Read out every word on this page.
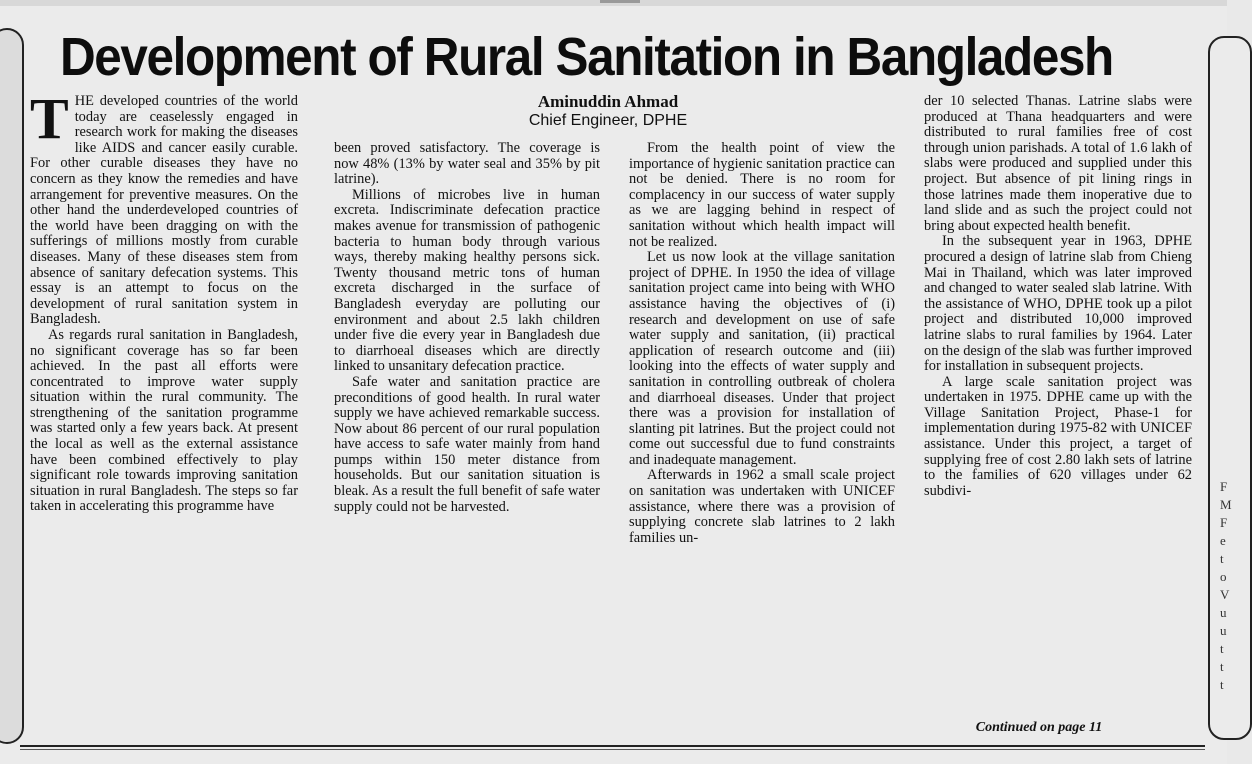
F
M
F
e
t
o
V
u
u
t
t
t
Development of Rural Sanitation in Bangladesh
Aminuddin Ahmad
Chief Engineer, DPHE

THE developed countries of the world today are ceaselessly engaged in research work for making the diseases like AIDS and cancer easily curable. For other curable diseases they have no concern as they know the remedies and have arrangement for preventive measures. On the other hand the underdeveloped countries of the world have been dragging on with the sufferings of millions mostly from curable diseases. Many of these diseases stem from absence of sanitary defecation systems. This essay is an attempt to focus on the development of rural sanitation system in Bangladesh.

As regards rural sanitation in Bangladesh, no significant coverage has so far been achieved. In the past all efforts were concentrated to improve water supply situation within the rural community. The strengthening of the sanitation programme was started only a few years back. At present the local as well as the external assistance have been combined effectively to play significant role towards improving sanitation situation in rural Bangladesh. The steps so far taken in accelerating this programme have

been proved satisfactory. The coverage is now 48% (13% by water seal and 35% by pit latrine).

Millions of microbes live in human excreta. Indiscriminate defecation practice makes avenue for transmission of pathogenic bacteria to human body through various ways, thereby making healthy persons sick. Twenty thousand metric tons of human excreta discharged in the surface of Bangladesh everyday are polluting our environment and about 2.5 lakh children under five die every year in Bangladesh due to diarrhoeal diseases which are directly linked to unsanitary defecation practice.

Safe water and sanitation practice are preconditions of good health. In rural water supply we have achieved remarkable success. Now about 86 percent of our rural population have access to safe water mainly from hand pumps within 150 meter distance from households. But our sanitation situation is bleak. As a result the full benefit of safe water supply could not be harvested.

From the health point of view the importance of hygienic sanitation practice can not be denied. There is no room for complacency in our success of water supply as we are lagging behind in respect of sanitation without which health impact will not be realized.

Let us now look at the village sanitation project of DPHE. In 1950 the idea of village sanitation project came into being with WHO assistance having the objectives of (i) research and development on use of safe water supply and sanitation, (ii) practical application of research outcome and (iii) looking into the effects of water supply and sanitation in controlling outbreak of cholera and diarrhoeal diseases. Under that project there was a provision for installation of slanting pit latrines. But the project could not come out successful due to fund constraints and inadequate management.

Afterwards in 1962 a small scale project on sanitation was undertaken with UNICEF assistance, where there was a provision of supplying concrete slab latrines to 2 lakh families un-

der 10 selected Thanas. Latrine slabs were produced at Thana headquarters and were distributed to rural families free of cost through union parishads. A total of 1.6 lakh of slabs were produced and supplied under this project. But absence of pit lining rings in those latrines made them inoperative due to land slide and as such the project could not bring about expected health benefit.

In the subsequent year in 1963, DPHE procured a design of latrine slab from Chieng Mai in Thailand, which was later improved and changed to water sealed slab latrine. With the assistance of WHO, DPHE took up a pilot project and distributed 10,000 improved latrine slabs to rural families by 1964. Later on the design of the slab was further improved for installation in subsequent projects.

A large scale sanitation project was undertaken in 1975. DPHE came up with the Village Sanitation Project, Phase-1 for implementation during 1975-82 with UNICEF assistance. Under this project, a target of supplying free of cost 2.80 lakh sets of latrine to the families of 620 villages under 62 subdivi-

Continued on page 11
